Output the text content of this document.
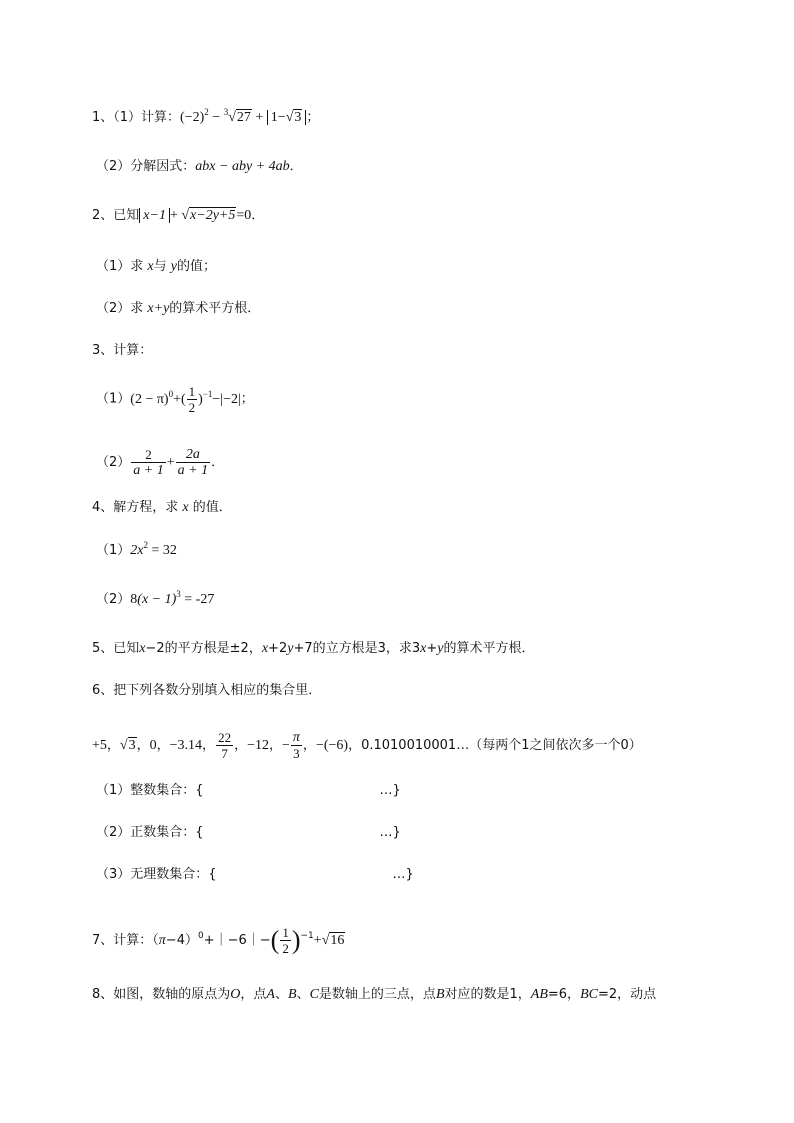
1、（1）计算：$(-2)^2 - ^3√27 + 1-√3$ ；
（2）分解因式：abx − aby + 4ab．
2、已知 x−1 + √x−2y+5=0．
（1）求 x与 y的值；
（2）求 x+y的算术平方根．
3、计算：
$(1)(2 - \pi)^0+( \frac{1}{2} )^{-1}-|-2|$；
$(2) \frac{2}{a + 1} + \frac{2a}{a + 1}$ ．
4、解方程，求 x 的值．
$(1)2x^2 = 32$
$(2)8(x - 1)^3 = -27$
5、已知x−2的平方根是±2，x+2y+7的立方根是3，求3x+y的算术平方根．
6、把下列各数分别填入相应的集合里．
+5，√3，0，−3.14， $\frac{22}{7}$ ，−12，− $\frac{\pi}{3}$ ，−(−6)，0.1010010001…（每两个1之间依次多一个0）
（1）整数集合：{	…}
（2）正数集合：{	…}
（3）无理数集合：{	…}
7、计算：$(\pi-4)^0+|-6|-( \frac{1}{2} )^{-1}+√16$
8、如图，数轴的原点为O，点A、B、C是数轴上的三点，点B对应的数是1，AB=6，BC=2，动点
